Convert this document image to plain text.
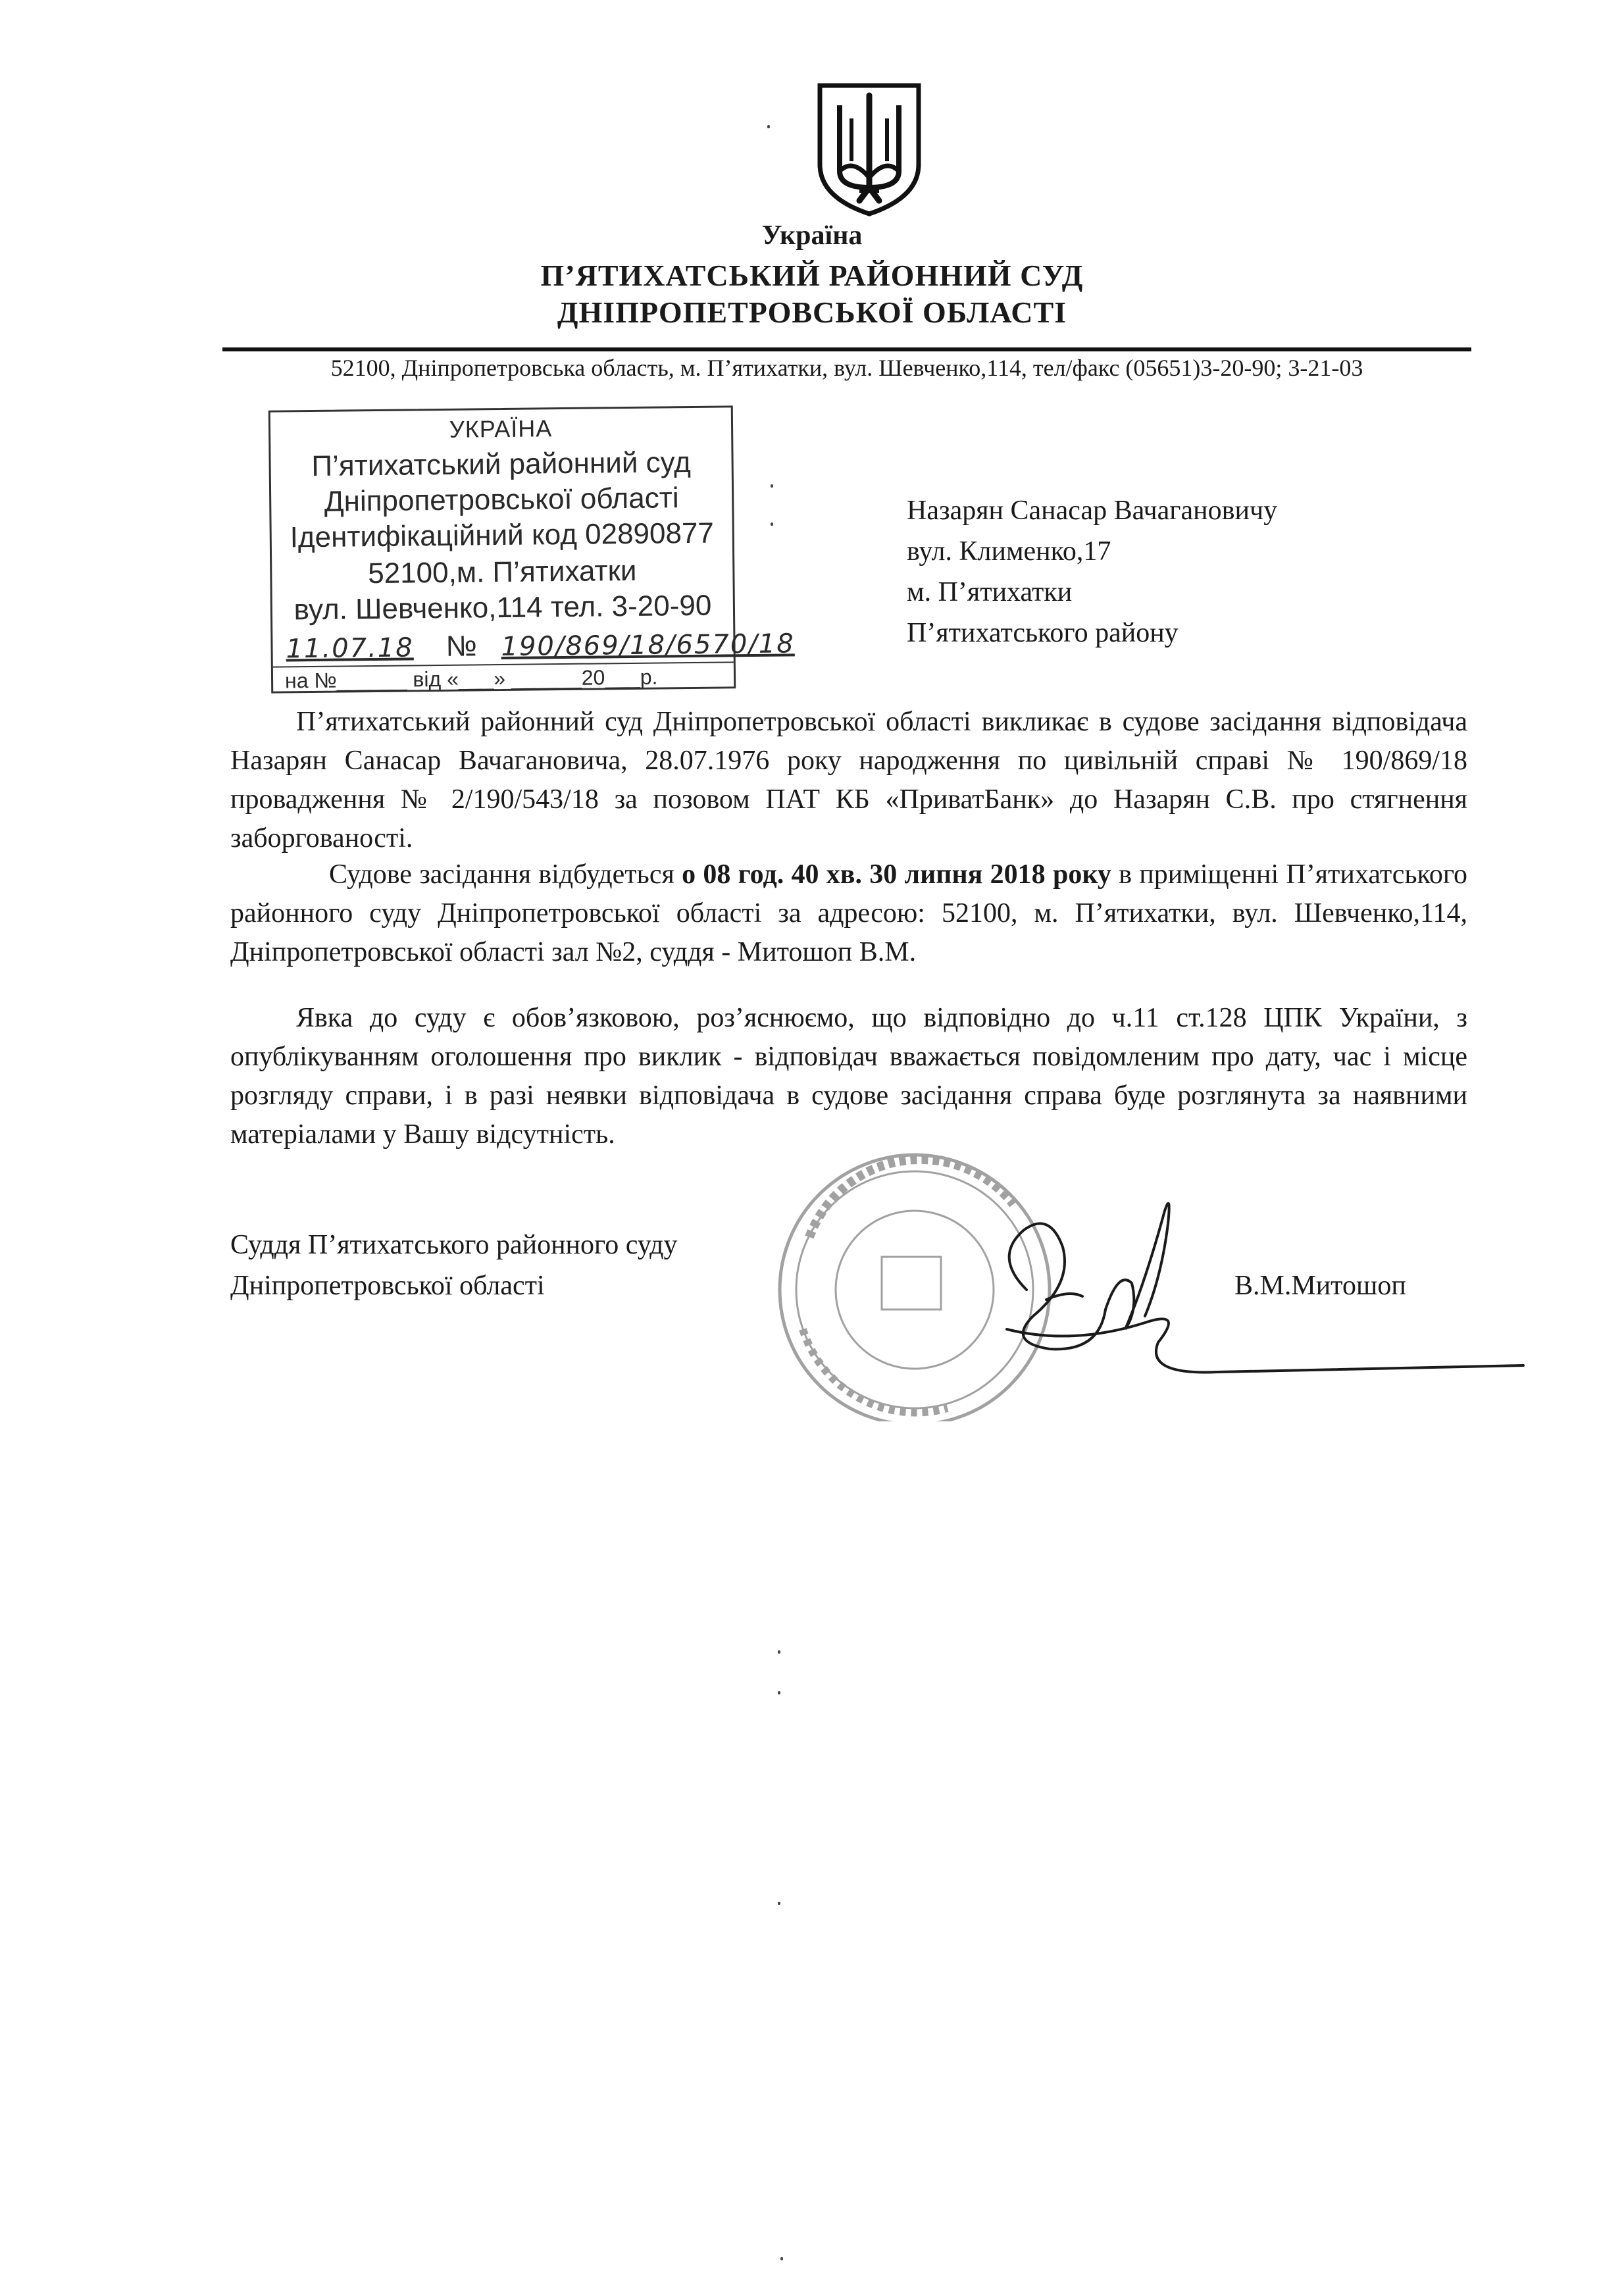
Україна
П’ЯТИХАТСЬКИЙ РАЙОННИЙ СУД
ДНІПРОПЕТРОВСЬКОЇ ОБЛАСТІ
52100, Дніпропетровська область, м. П’ятихатки, вул. Шевченко,114, тел/факс (05651)3-20-90; 3-21-03
УКРАЇНА
П’ятихатський районний суд
Дніпропетровської області
Ідентифікаційний код 02890877
52100,м. П’ятихатки
вул. Шевченко,114 тел. 3-20-90
11.07.18 № 190/869/18/6570/18
на №______ від «___» ______20___р.
Назарян Санасар Вачагановичу
вул. Клименко,17
м. П’ятихатки
П’ятихатського району
П’ятихатський районний суд Дніпропетровської області викликає в судове засідання відповідача Назарян Санасар Вачагановича, 28.07.1976 року народження по цивільній справі № 190/869/18 провадження № 2/190/543/18 за позовом ПАТ КБ «ПриватБанк» до Назарян С.В. про стягнення заборгованості.
Судове засідання відбудеться о 08 год. 40 хв. 30 липня 2018 року в приміщенні П’ятихатського районного суду Дніпропетровської області за адресою: 52100, м. П’ятихатки, вул. Шевченко,114, Дніпропетровської області зал №2, суддя - Митошоп В.М.
Явка до суду є обов’язковою, роз’яснюємо, що відповідно до ч.11 ст.128 ЦПК України, з опублікуванням оголошення про виклик - відповідач вважається повідомленим про дату, час і місце розгляду справи, і в разі неявки відповідача в судове засідання справа буде розглянута за наявними матеріалами у Вашу відсутність.
Суддя П’ятихатського районного суду
Дніпропетровської області	В.М.Митошоп
